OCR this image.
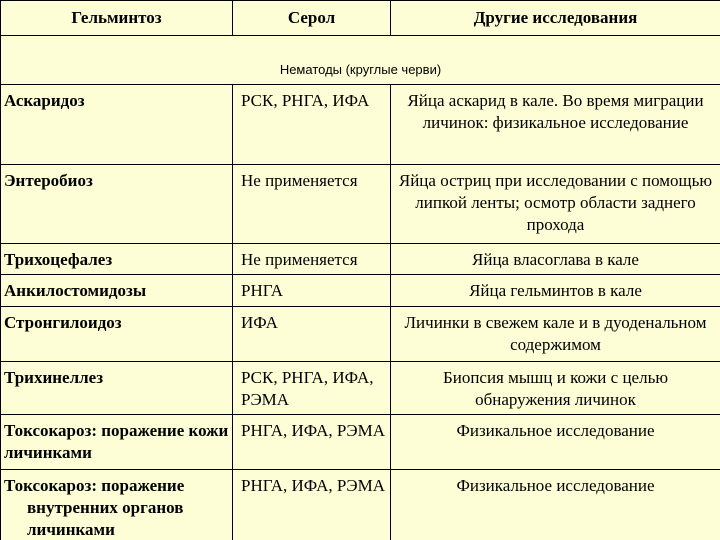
Гельминтоз	Серол	Другие исследования
Нематоды (круглые черви)		
Аскаридоз	РСК, РНГА, ИФА	Яйца аскарид в кале. Во время миграции личинок: физикальное исследование
Энтеробиоз	Не применяется	Яйца остриц при исследовании с помощью липкой ленты; осмотр области заднего прохода
Трихоцефалез	Не применяется	Яйца власоглава в кале
Анкилостомидозы	РНГА	Яйца гельминтов в кале
Стронгилоидоз	ИФА	Личинки в свежем кале и в дуоденальном содержимом
Трихинеллез	РСК, РНГА, ИФА, РЭМА	Биопсия мышц и кожи с целью обнаружения личинок
Токсокароз: поражение кожи личинками	РНГА, ИФА, РЭМА	Физикальное исследование
Токсокароз: поражение внутренних органов личинками	РНГА, ИФА, РЭМА	Физикальное исследование
